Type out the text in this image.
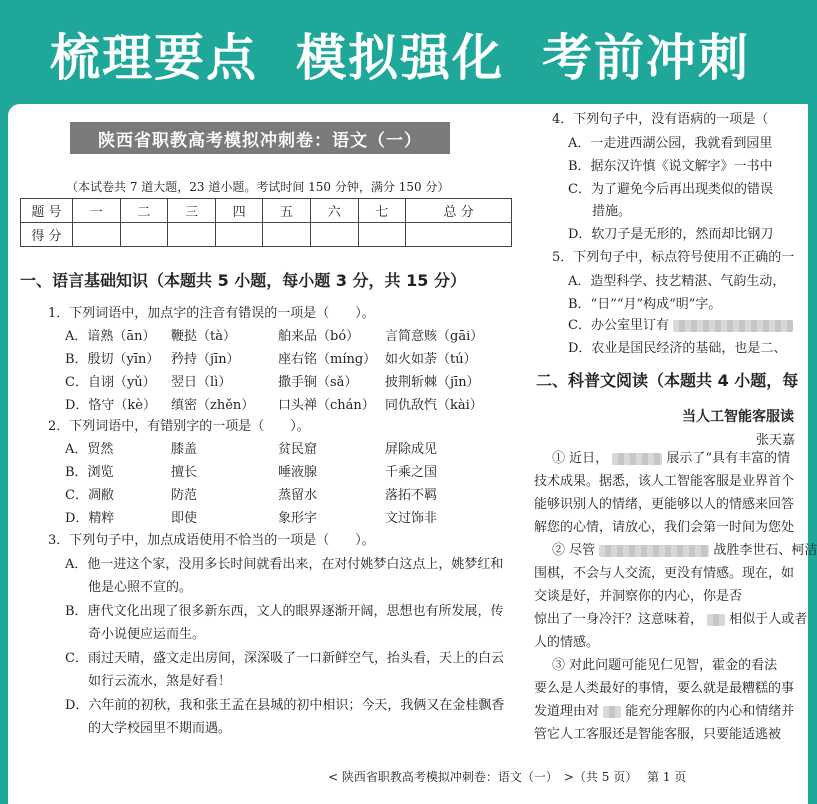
梳理要点 模拟强化 考前冲刺
陕西省职教高考模拟冲刺卷：语文（一）
（本试卷共 7 道大题，23 道小题。考试时间 150 分钟，满分 150 分）
题 号	一	二	三	四	五	六	七	总 分
得 分								
一、语言基础知识（本题共 5 小题，每小题 3 分，共 15 分）
1．下列词语中，加点字的注音有错误的一项是（　　）。
A．谙熟（ān）	鞭挞（tà）	舶来品（bó）	言简意赅（gāi）
B．殷切（yīn） 矜持（jīn）	座右铭（míng） 如火如荼（tú）
C．自诩（yǔ）	翌日（lì）	撒手锏（sǎ）	披荆斩棘（jīn）
D．恪守（kè）	缜密（zhěn）	口头禅（chán） 同仇敌忾（kài）
2．下列词语中，有错别字的一项是（　　）。
A．贸然	膝盖	贫民窟	屏除成见
B．浏览	擅长	唾液腺	千乘之国
C．凋敝	防范	蒸留水	落拓不羁
D．精粹	即使	象形字	文过饰非
3．下列句子中，加点成语使用不恰当的一项是（　　）。
A．他一进这个家，没用多长时间就看出来，在对付姚梦白这点上，姚梦红和
他是心照不宣的。
B．唐代文化出现了很多新东西，文人的眼界逐渐开阔，思想也有所发展，传
奇小说便应运而生。
C．雨过天晴，盛文走出房间，深深吸了一口新鲜空气，抬头看，天上的白云
如行云流水，煞是好看！
D．六年前的初秋，我和张王孟在县城的初中相识；今天，我俩又在金桂飘香
的大学校园里不期而遇。
4．下列句子中，没有语病的一项是（
A．一走进西湖公园，我就看到园里
B．据东汉许慎《说文解字》一书中
C．为了避免今后再出现类似的错误
措施。
D．软刀子是无形的，然而却比钢刀
5．下列句子中，标点符号使用不正确的一
A．造型科学、技艺精湛、气韵生动，
B．“日”“月”构成“明”字。
C．办公室里订有
D．农业是国民经济的基础，也是二、
二、科普文阅读（本题共 4 小题，每
当人工智能客服读
张天嘉
① 近日，	展示了“具有丰富的情
技术成果。据悉，该人工智能客服是业界首个
能够识别人的情绪，更能够以人的情感来回答
解您的心情，请放心，我们会第一时间为您处
② 尽管	战胜李世石、柯洁
围棋，不会与人交流，更没有情感。现在，如
交谈是好，并洞察你的内心，你是否
惊出了一身冷汗？这意味着， 相似于人或者
人的情感。
③ 对此问题可能见仁见智，霍金的看法
要么是人类最好的事情，要么就是最糟糕的事
发道理由对 能充分理解你的内心和情绪并
管它人工客服还是智能客服，只要能适逃被
< 陕西省职教高考模拟冲刺卷：语文（一）　>（共 5 页）　 第 1 页
